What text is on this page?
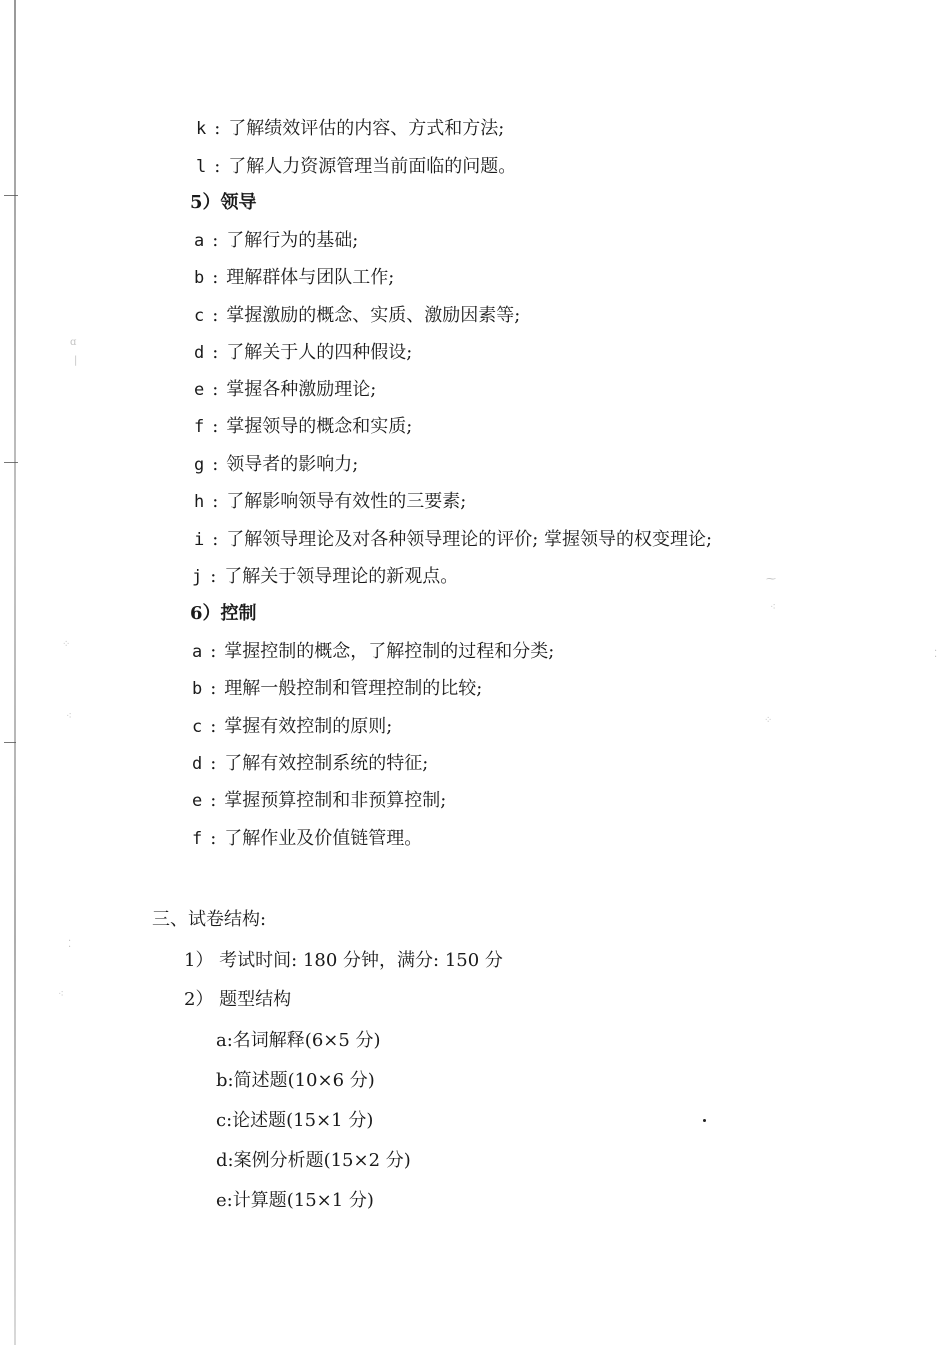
ɑ
|
⁘
⁖
⁚
⁖
⁓
⁖
⁘
⁚
k : 了解绩效评估的内容、方式和方法;
l : 了解人力资源管理当前面临的问题。
5）领导
a : 了解行为的基础;
b : 理解群体与团队工作;
c : 掌握激励的概念、实质、激励因素等;
d : 了解关于人的四种假设;
e : 掌握各种激励理论;
f : 掌握领导的概念和实质;
g : 领导者的影响力;
h : 了解影响领导有效性的三要素;
i : 了解领导理论及对各种领导理论的评价; 掌握领导的权变理论;
j : 了解关于领导理论的新观点。
6）控制
a : 掌握控制的概念，了解控制的过程和分类;
b : 理解一般控制和管理控制的比较;
c : 掌握有效控制的原则;
d : 了解有效控制系统的特征;
e : 掌握预算控制和非预算控制;
f : 了解作业及价值链管理。
三、试卷结构:
1） 考试时间: 180 分钟，满分: 150 分
2） 题型结构
a:名词解释(6×5 分)
b:简述题(10×6 分)
c:论述题(15×1 分)
d:案例分析题(15×2 分)
e:计算题(15×1 分)
